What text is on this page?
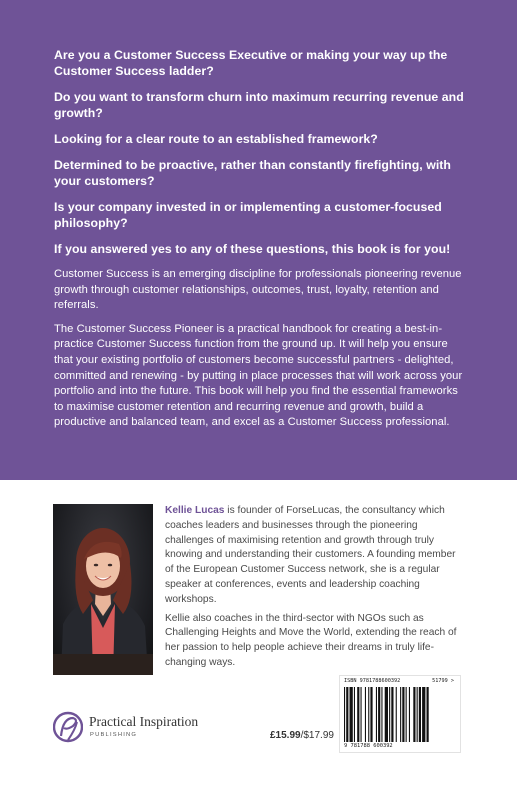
Are you a Customer Success Executive or making your way up the Customer Success ladder?
Do you want to transform churn into maximum recurring revenue and growth?
Looking for a clear route to an established framework?
Determined to be proactive, rather than constantly firefighting, with your customers?
Is your company invested in or implementing a customer-focused philosophy?
If you answered yes to any of these questions, this book is for you!

Customer Success is an emerging discipline for professionals pioneering revenue growth through customer relationships, outcomes, trust, loyalty, retention and referrals.

The Customer Success Pioneer is a practical handbook for creating a best-in-practice Customer Success function from the ground up. It will help you ensure that your existing portfolio of customers become successful partners - delighted, committed and renewing - by putting in place processes that will work across your portfolio and into the future. This book will help you find the essential frameworks to maximise customer retention and recurring revenue and growth, build a productive and balanced team, and excel as a Customer Success professional.

Kellie Lucas is founder of ForseLucas, the consultancy which coaches leaders and businesses through the pioneering challenges of maximising retention and growth through truly knowing and understanding their customers. A founding member of the European Customer Success network, she is a regular speaker at conferences, events and leadership coaching workshops.

Kellie also coaches in the third-sector with NGOs such as Challenging Heights and Move the World, extending the reach of her passion to help people achieve their dreams in truly life-changing ways.

Practical Inspiration
PUBLISHING	£15.99/$17.99
ISBN 9781788600392	51799 >
9 781788 600392
